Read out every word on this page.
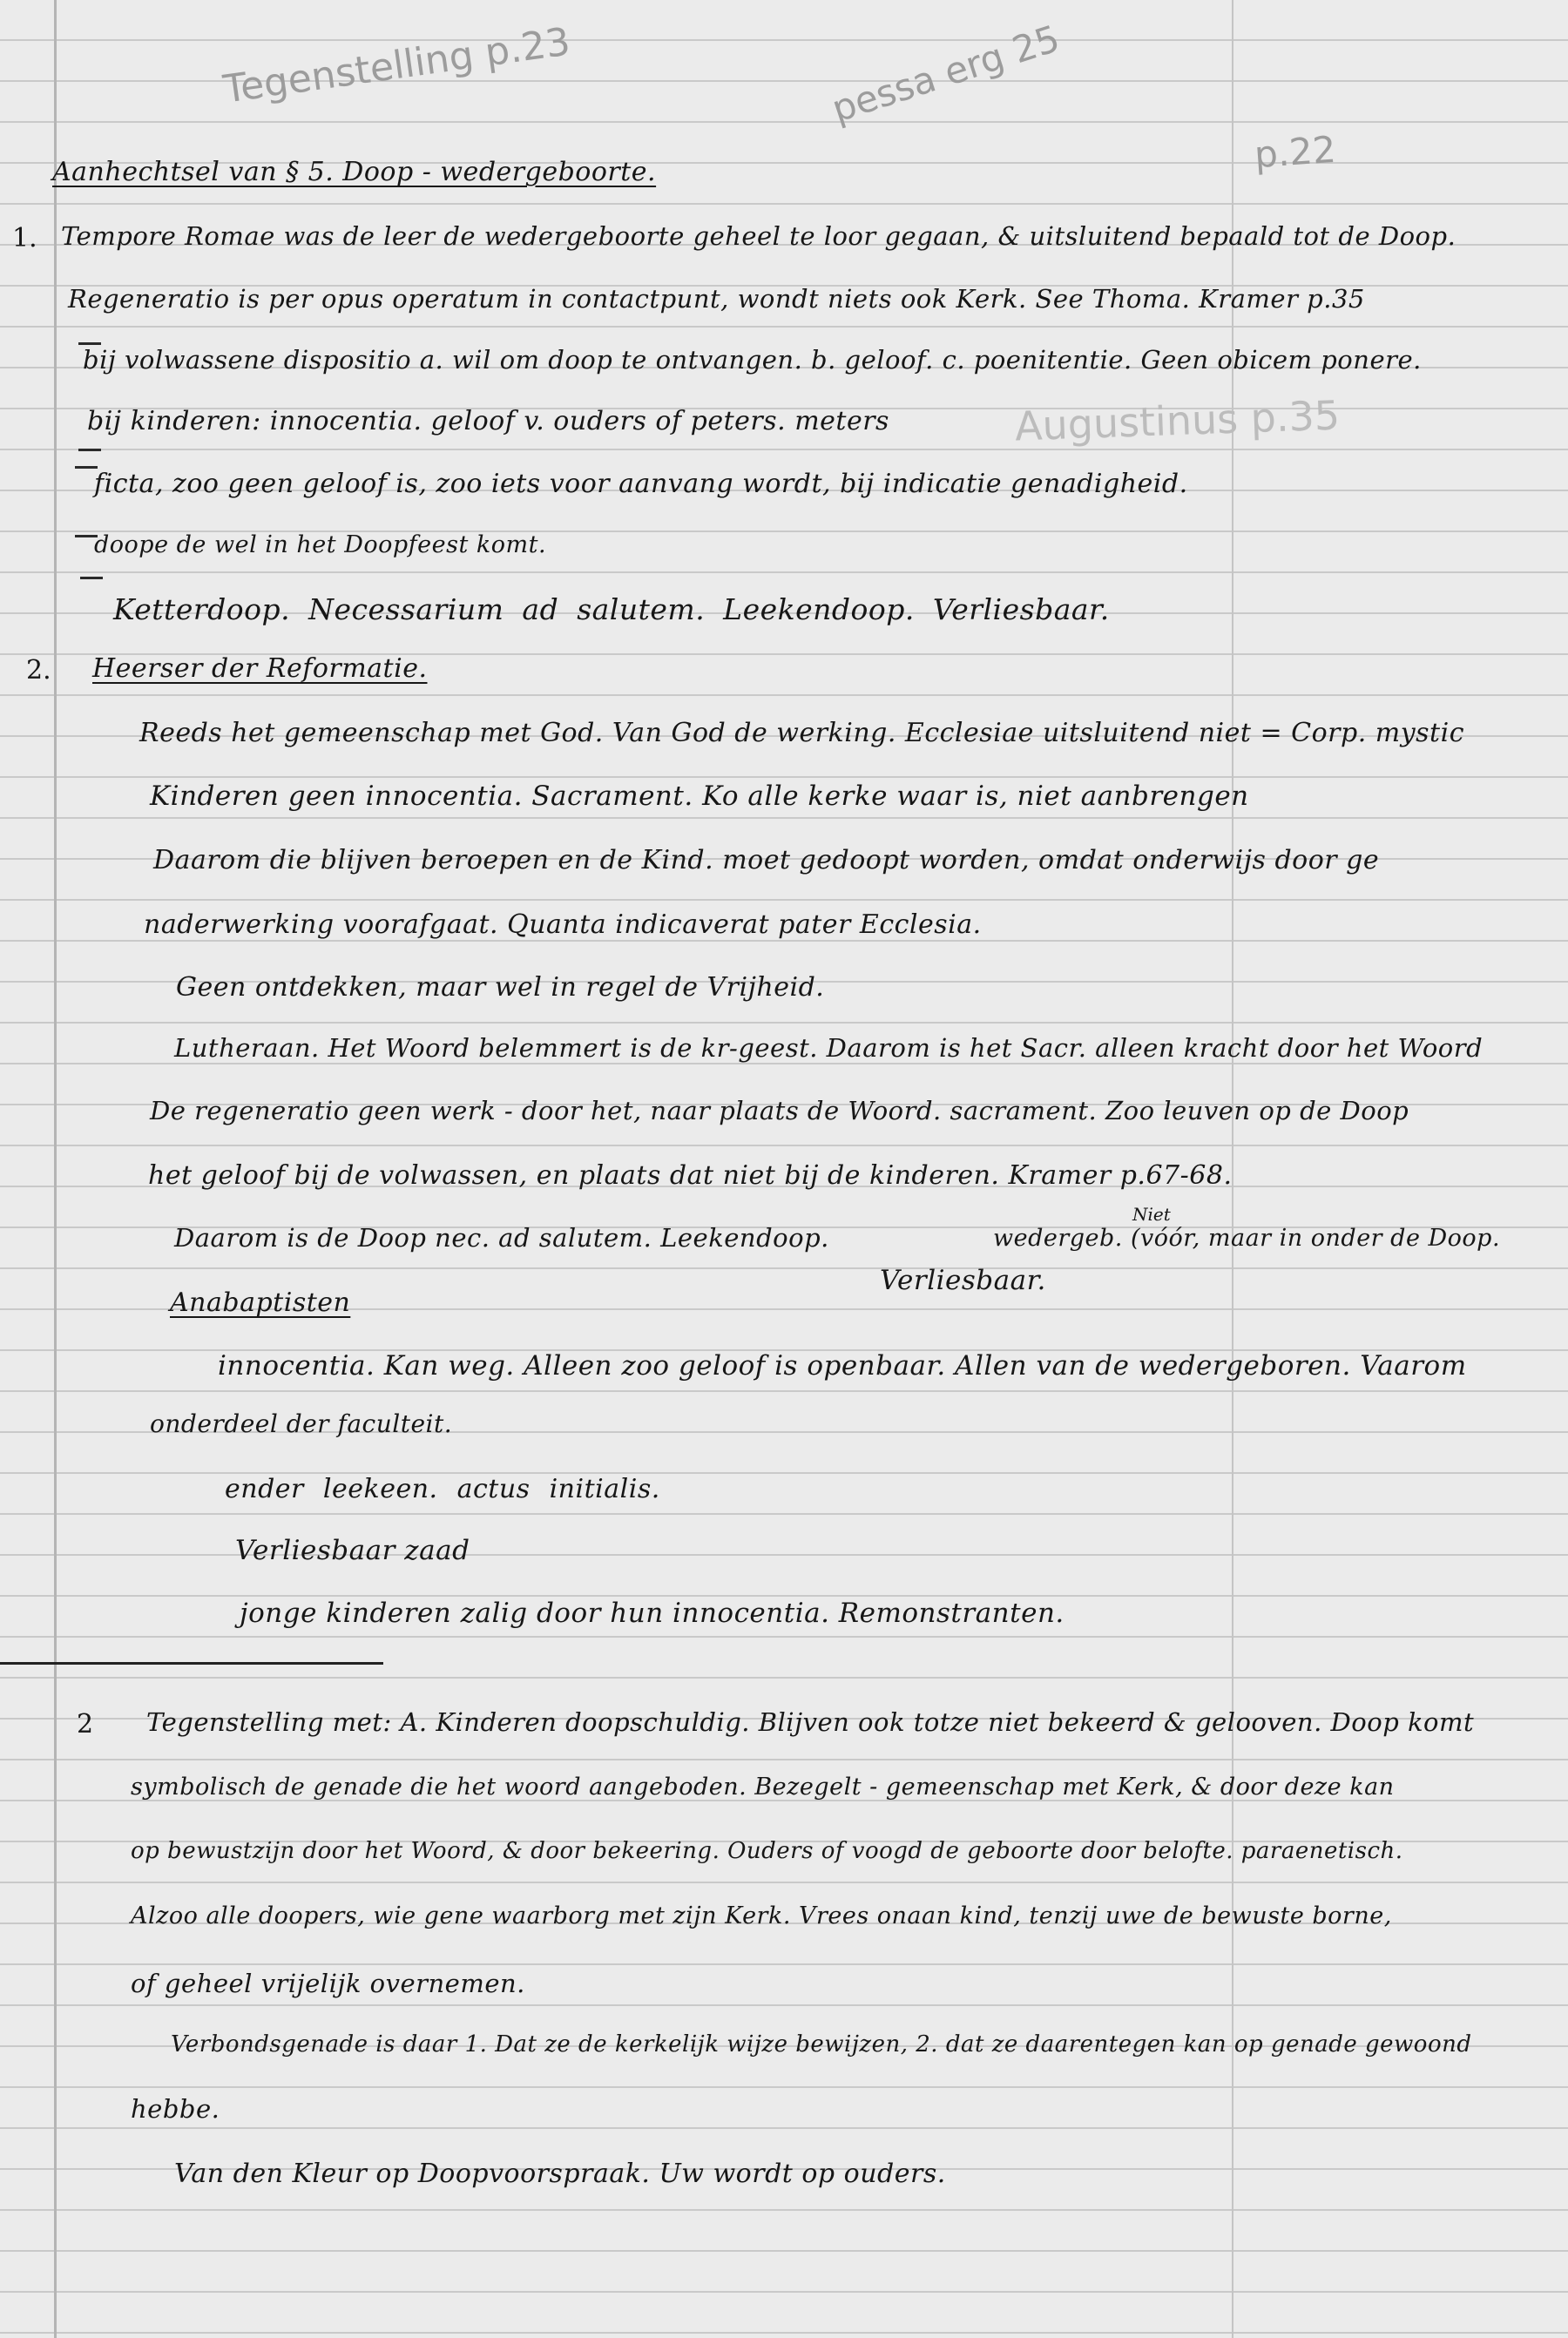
Tegenstelling p.23	pessa erg 25
p.22
Augustinus p.35
Aanhechtsel van § 5. Doop - wedergeboorte.
1. Tempore Romae was de leer de wedergeboorte geheel te loor gegaan, & uitsluitend bepaald tot de Doop.
Regeneratio is per opus operatum in contactpunt, wondt niets ook Kerk. See Thoma. Kramer p.35
bij volwassene dispositio a. wil om doop te ontvangen. b. geloof. c. poenitentie. Geen obicem ponere.
bij kinderen: innocentia. geloof v. ouders of peters. meters
ficta, zoo geen geloof is, zoo iets voor aanvang wordt, bij indicatie genadigheid.
doope de wel in het Doopfeest komt.
Ketterdoop. Necessarium ad salutem. Leekendoop. Verliesbaar.
2. Heerser der Reformatie.
Reeds het gemeenschap met God. Van God de werking. Ecclesiae uitsluitend niet = Corp. mystic
Kinderen geen innocentia. Sacrament. Ko alle kerke waar is, niet aanbrengen
Daarom die blijven beroepen en de Kind. moet gedoopt worden, omdat onderwijs door ge
naderwerking voorafgaat. Quanta indicaverat pater Ecclesia.
Geen ontdekken, maar wel in regel de Vrijheid.
Lutheraan. Het Woord belemmert is de kr-geest. Daarom is het Sacr. alleen kracht door het Woord
De regeneratio geen werk - door het, naar plaats de Woord. sacrament. Zoo leuven op de Doop
het geloof bij de volwassen, en plaats dat niet bij de kinderen. Kramer p.67-68.
Daarom is de Doop nec. ad salutem. Leekendoop.
Niet
wedergeb. (vóór, maar in onder de Doop.
Verliesbaar.
Anabaptisten
innocentia. Kan weg. Alleen zoo geloof is openbaar. Allen van de wedergeboren. Vaarom
onderdeel der faculteit.
ender leekeen. actus initialis.
Verliesbaar zaad
jonge kinderen zalig door hun innocentia. Remonstranten.
2 Tegenstelling met: A. Kinderen doopschuldig. Blijven ook totze niet bekeerd & gelooven. Doop komt
symbolisch de genade die het woord aangeboden. Bezegelt - gemeenschap met Kerk, & door deze kan
op bewustzijn door het Woord, & door bekeering. Ouders of voogd de geboorte door belofte. paraenetisch.
Alzoo alle doopers, wie gene waarborg met zijn Kerk. Vrees onaan kind, tenzij uwe de bewuste borne,
of geheel vrijelijk overnemen.
Verbondsgenade is daar 1. Dat ze de kerkelijk wijze bewijzen, 2. dat ze daarentegen kan op genade gewoond
hebbe.
Van den Kleur op Doopvoorspraak. Uw wordt op ouders.
